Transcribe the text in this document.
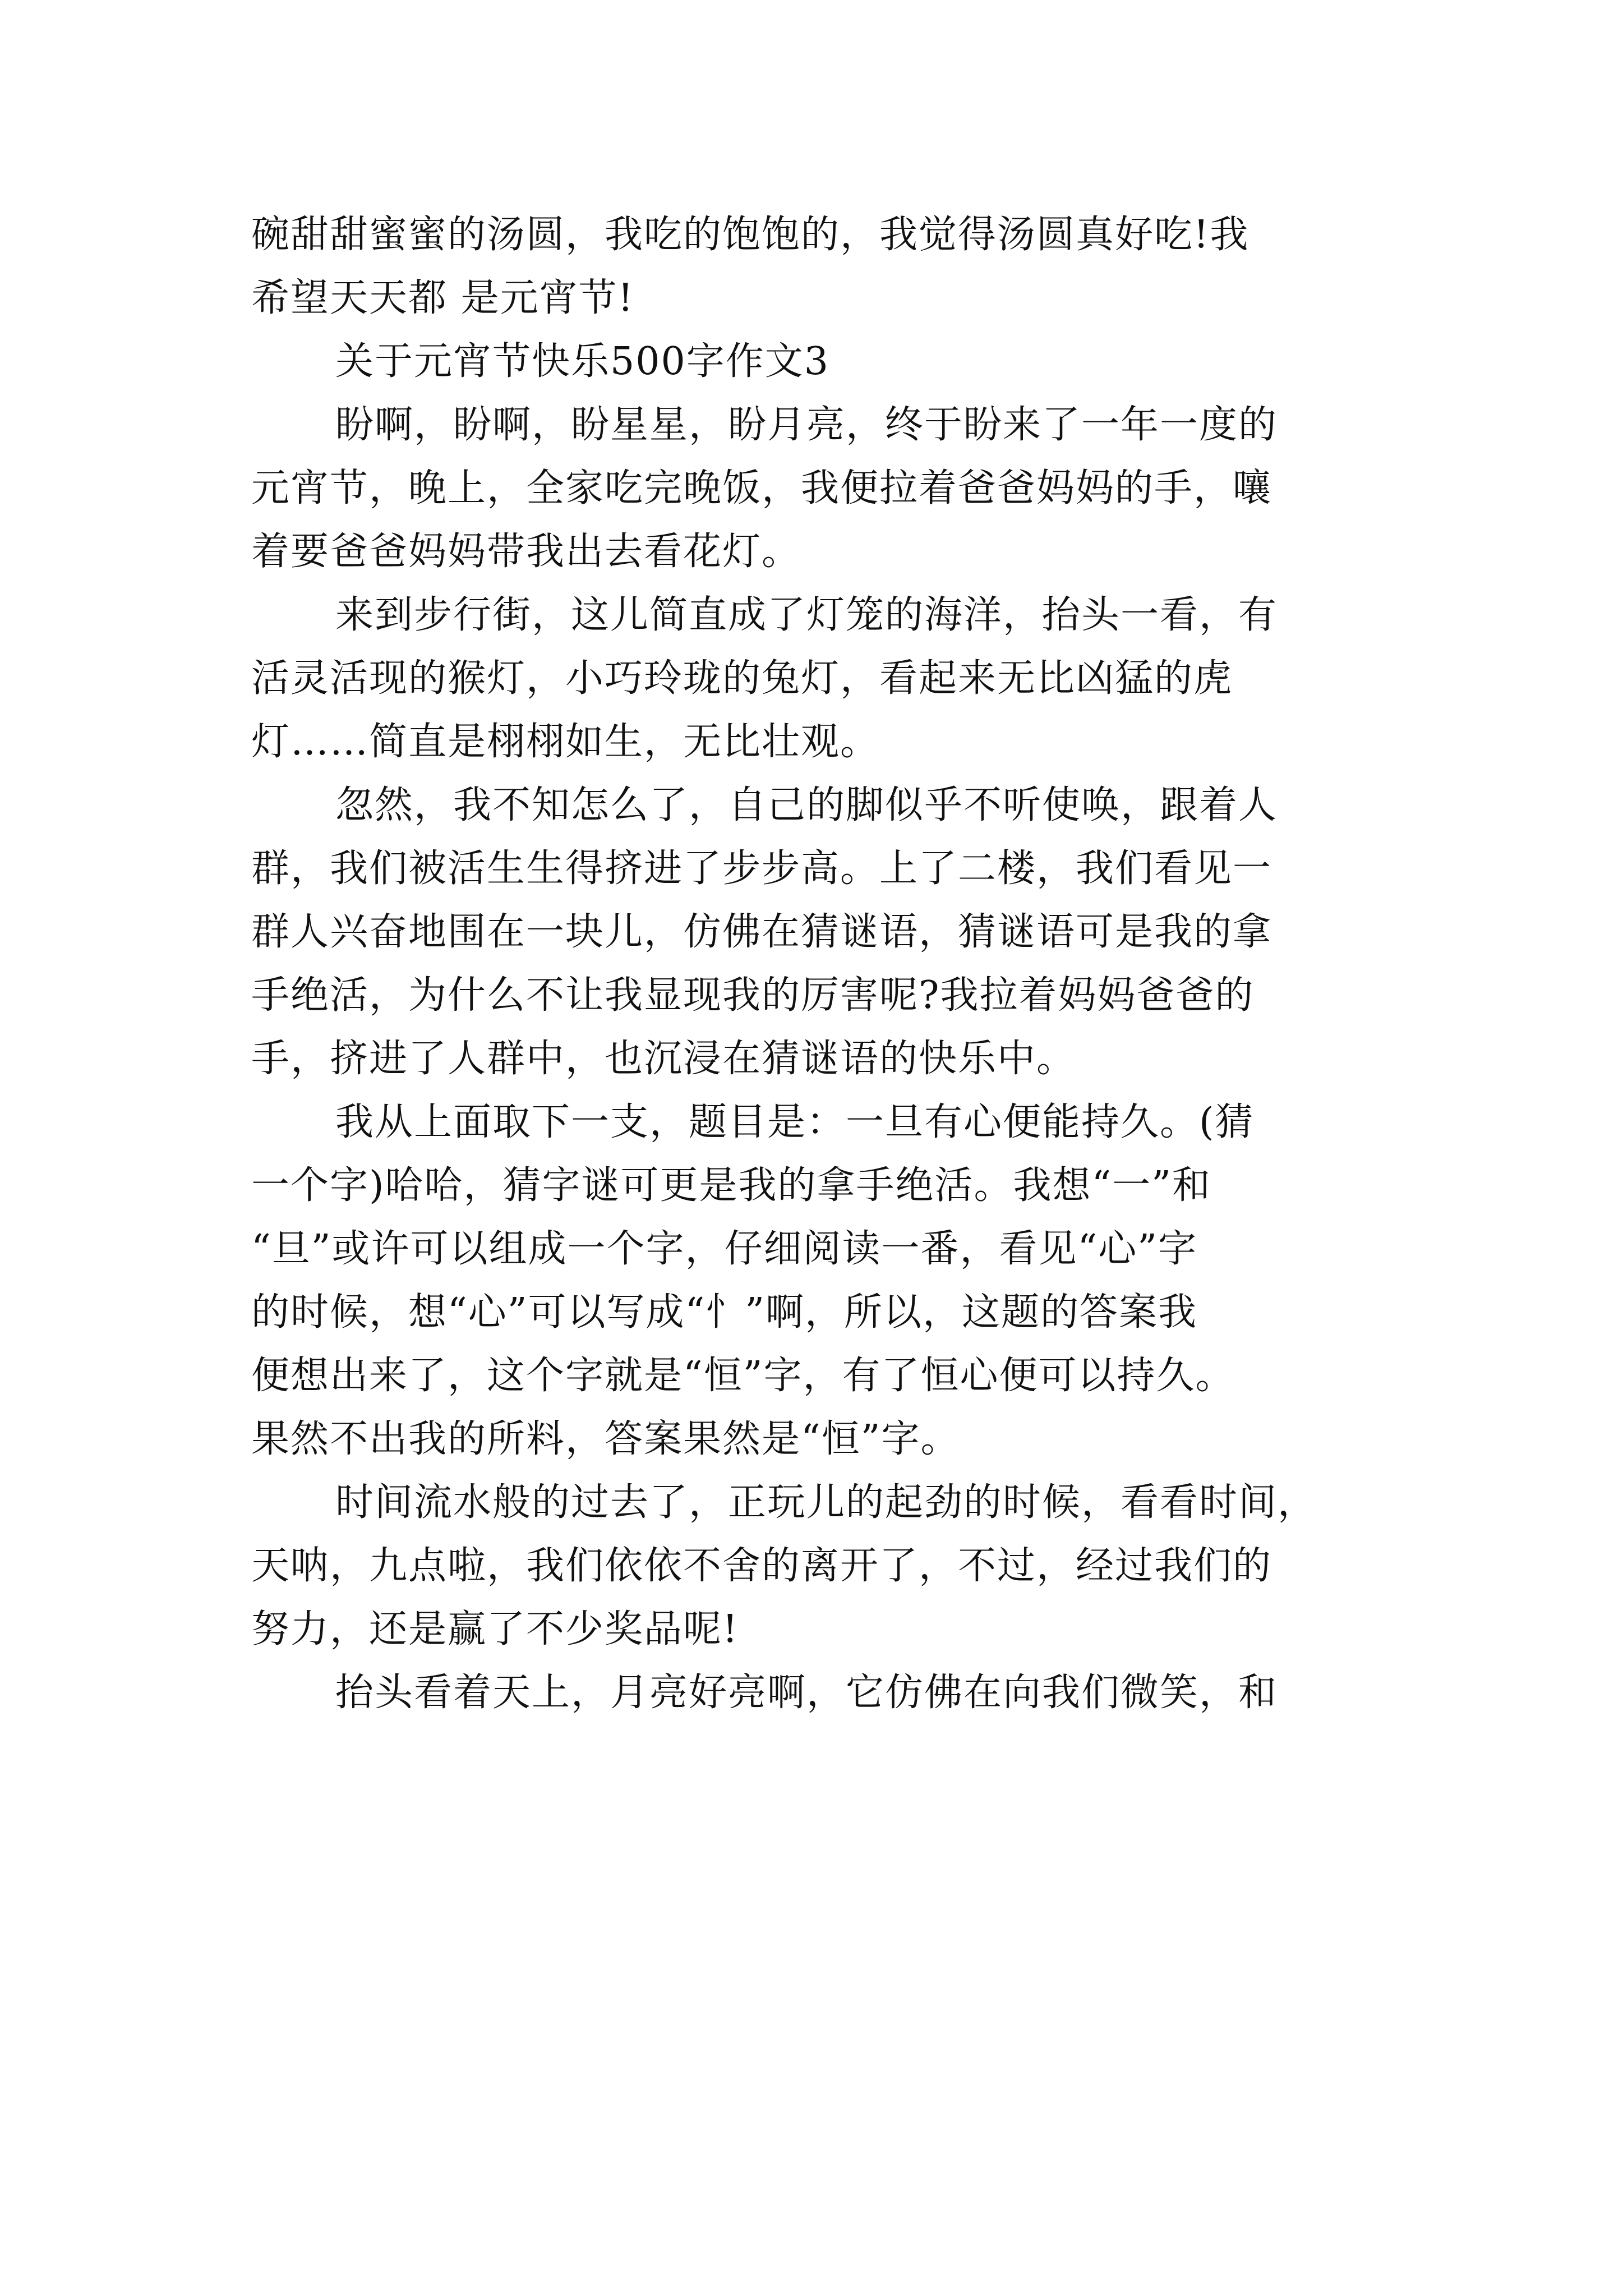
碗甜甜蜜蜜的汤圆，我吃的饱饱的，我觉得汤圆真好吃!我
希望天天都 是元宵节!
关于元宵节快乐500字作文3
盼啊，盼啊，盼星星，盼月亮，终于盼来了一年一度的
元宵节，晚上，全家吃完晚饭，我便拉着爸爸妈妈的手，嚷
着要爸爸妈妈带我出去看花灯。
来到步行街，这儿简直成了灯笼的海洋，抬头一看，有
活灵活现的猴灯，小巧玲珑的兔灯，看起来无比凶猛的虎
灯……简直是栩栩如生，无比壮观。
忽然，我不知怎么了，自己的脚似乎不听使唤，跟着人
群，我们被活生生得挤进了步步高。上了二楼，我们看见一
群人兴奋地围在一块儿，仿佛在猜谜语，猜谜语可是我的拿
手绝活，为什么不让我显现我的厉害呢?我拉着妈妈爸爸的
手，挤进了人群中，也沉浸在猜谜语的快乐中。
我从上面取下一支，题目是：一旦有心便能持久。(猜
一个字)哈哈，猜字谜可更是我的拿手绝活。我想“一”和
“旦”或许可以组成一个字，仔细阅读一番，看见“心”字
的时候，想“心”可以写成“忄”啊，所以，这题的答案我
便想出来了，这个字就是“恒”字，有了恒心便可以持久。
果然不出我的所料，答案果然是“恒”字。
时间流水般的过去了，正玩儿的起劲的时候，看看时间，
天呐，九点啦，我们依依不舍的离开了，不过，经过我们的
努力，还是赢了不少奖品呢!
抬头看着天上，月亮好亮啊，它仿佛在向我们微笑，和
